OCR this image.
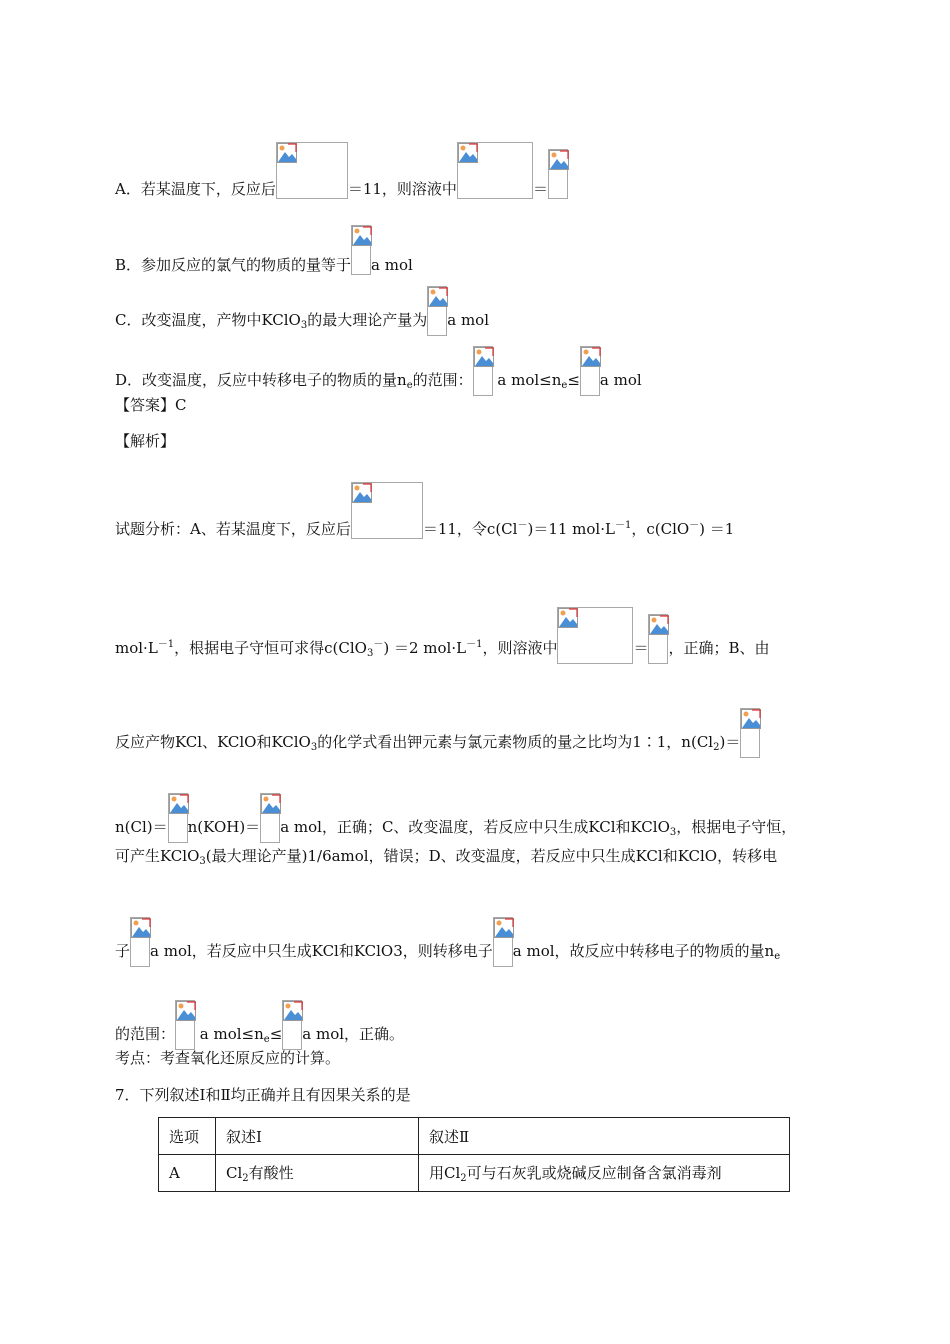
A．若某温度下，反应后	＝11，则溶液中	＝
B．参加反应的氯气的物质的量等于 a mol
C．改变温度，产物中KClO$_3$的最大理论产量为 a mol
D．改变温度，反应中转移电子的物质的量$n_e$的范围：
a $mol\le n_e\le a$ mol
【答案】C
【解析】
试题分析：A、若某温度下，反应后	＝11，令c(Cl－)＝11 $mol\cdot L^{-1}$，c(ClO－) ＝1
$mol\cdot L^{-1}$，根据电子守恒可求得c(ClO$_3$－) ＝2 $mol\cdot L^{-1}$，则溶液中	＝ ，正确；B、由
反应产物KCl、KClO和KClO$_3$的化学式看出钾元素与氯元素物质的量之比均为1∶1，$n(Cl_2)=$
n(Cl)＝ n(KOH)＝ a mol，正确；C、改变温度，若反应中只生成KCl和KClO$_3$，根据电子守恒，
可产生KClO$_3$(最大理论产量)1/6amol，错误；D、改变温度，若反应中只生成KCl和KClO，转移电
子 a mol，若反应中只生成KCl和KClO3，则转移电子 a mol，故反应中转移电子的物质的量$n_e$
的范围：
a $mol\le n_e\le a$ mol，正确。
考点：考查氧化还原反应的计算。
7．下列叙述Ⅰ和Ⅱ均正确并且有因果关系的是
选项	叙述Ⅰ	叙述Ⅱ
A	$Cl_2$有酸性	用$Cl_2$可与石灰乳或烧碱反应制备含氯消毒剂
